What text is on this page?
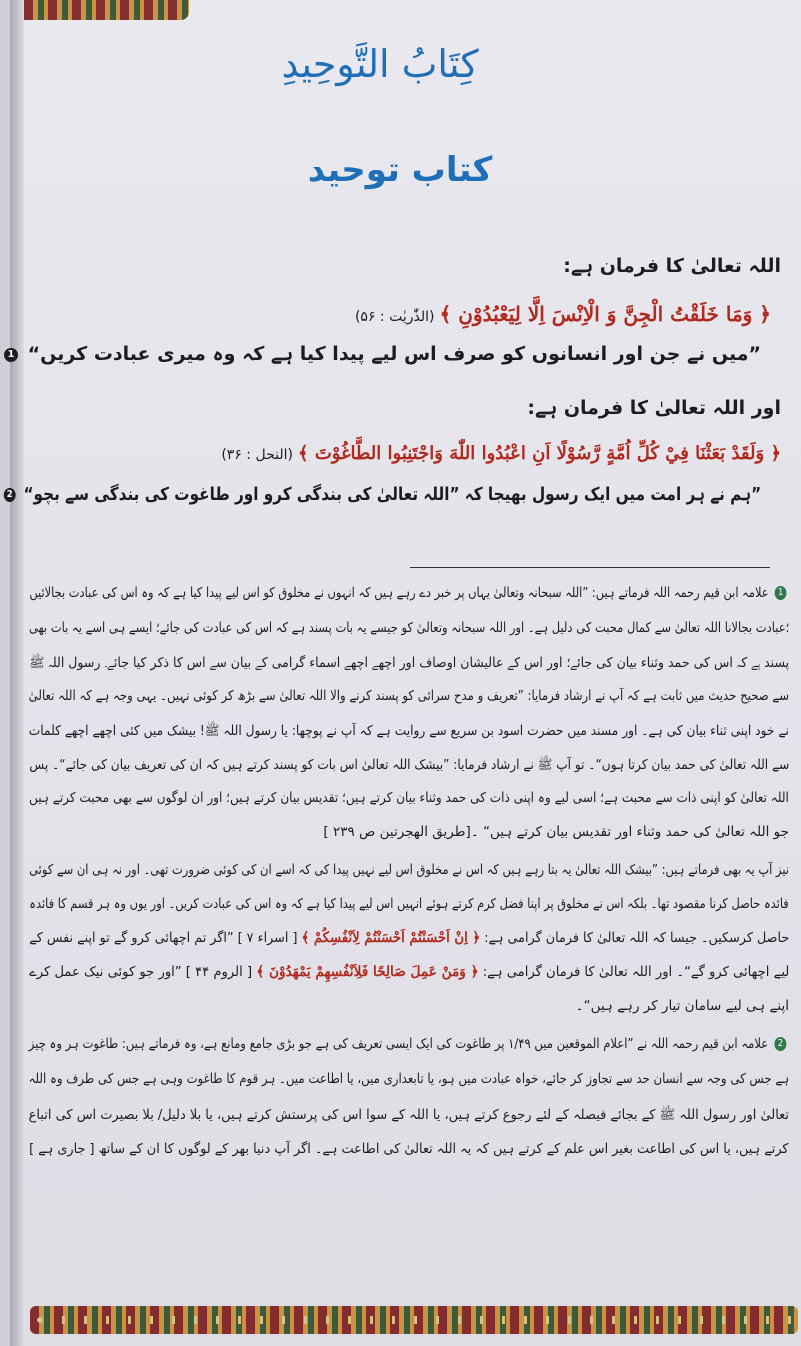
كِتَابُ التَّوحِيدِ
کتاب توحید
اللہ تعالیٰ کا فرمان ہے:
﴿ وَمَا خَلَقْتُ الْجِنَّ وَ الْاِنْسَ اِلَّا لِيَعْبُدُوْنِ ﴾ (الذّٰریٰت : ۵۶)
”میں نے جن اور انسانوں کو صرف اس لیے پیدا کیا ہے کہ وہ میری عبادت کریں“ 1
اور اللہ تعالیٰ کا فرمان ہے:
﴿ وَلَقَدْ بَعَثْنَا فِيْ كُلِّ اُمَّةٍ رَّسُوْلًا اَنِ اعْبُدُوا اللّٰهَ وَاجْتَنِبُوا الطَّاغُوْتَ ﴾ (النحل : ۳۶)
”ہم نے ہر امت میں ایک رسول بھیجا کہ ”اللہ تعالیٰ کی بندگی کرو اور طاغوت کی بندگی سے بچو“ 2
1 علامہ ابن قیم رحمہ اللہ فرماتے ہیں: ”اللہ سبحانہ وتعالیٰ یہاں پر خبر دے رہے ہیں کہ انہوں نے مخلوق کو اس لیے پیدا کیا ہے کہ وہ اس کی عبادت بجالائیں
؛عبادت بجالانا اللہ تعالیٰ سے کمال محبت کی دلیل ہے۔ اور اللہ سبحانہ وتعالیٰ کو جیسے یہ بات پسند ہے کہ اس کی عبادت کی جائے؛ ایسے ہی اسے یہ بات بھی
پسند ہے کہ اس کی حمد وثناء بیان کی جائے؛ اور اس کے عالیشان اوصاف اور اچھے اچھے اسماء گرامی کے بیان سے اس کا ذکر کیا جائے۔ رسول اللہ ﷺ
سے صحیح حدیث میں ثابت ہے کہ آپ نے ارشاد فرمایا: ”تعریف و مدح سرائی کو پسند کرنے والا اللہ تعالیٰ سے بڑھ کر کوئی نہیں۔ یہی وجہ ہے کہ اللہ تعالیٰ
نے خود اپنی ثناء بیان کی ہے۔ اور مسند میں حضرت اسود بن سریع سے روایت ہے کہ آپ نے پوچھا: یا رسول اللہ ﷺ! بیشک میں کئی اچھے اچھے کلمات
سے اللہ تعالیٰ کی حمد بیان کرتا ہوں“۔ تو آپ ﷺ نے ارشاد فرمایا: ”بیشک اللہ تعالیٰ اس بات کو پسند کرتے ہیں کہ ان کی تعریف بیان کی جائے“۔ پس
اللہ تعالیٰ کو اپنی ذات سے محبت ہے؛ اسی لیے وہ اپنی ذات کی حمد وثناء بیان کرتے ہیں؛ تقدیس بیان کرتے ہیں؛ اور ان لوگوں سے بھی محبت کرتے ہیں
جو اللہ تعالیٰ کی حمد وثناء اور تقدیس بیان کرتے ہیں“ ۔[طریق الهجرتین ص ۲۳۹ ]
نیز آپ یہ بھی فرماتے ہیں: ”بیشک اللہ تعالیٰ یہ بتا رہے ہیں کہ اس نے مخلوق اس لیے نہیں پیدا کی کہ اسے ان کی کوئی ضرورت تھی۔ اور نہ ہی ان سے کوئی
فائدہ حاصل کرنا مقصود تھا۔ بلکہ اس نے مخلوق پر اپنا فضل کرم کرتے ہوئے انہیں اس لیے پیدا کیا ہے کہ وہ اس کی عبادت کریں۔ اور یوں وہ ہر قسم کا فائدہ
حاصل کرسکیں۔ جیسا کہ اللہ تعالیٰ کا فرمان گرامی ہے: ﴿ اِنْ اَحْسَنْتُمْ اَحْسَنْتُمْ لِاَنْفُسِكُمْ ﴾ [ اسراء ۷ ] ”اگر تم اچھائی کرو گے تو اپنے نفس کے
لیے اچھائی کرو گے“۔ اور اللہ تعالیٰ کا فرمان گرامی ہے: ﴿ وَمَنْ عَمِلَ صَالِحًا فَلِاَنْفُسِهِمْ يَمْهَدُوْنَ ﴾ [ الروم ۴۴ ] ”اور جو کوئی نیک عمل کرے
اپنے ہی لیے سامان تیار کر رہے ہیں“۔
2 علامہ ابن قیم رحمہ اللہ نے ”اعلام الموقعین میں ۱/۴۹ پر طاغوت کی ایک ایسی تعریف کی ہے جو بڑی جامع ومانع ہے، وہ فرماتے ہیں: طاغوت ہر وہ چیز
ہے جس کی وجہ سے انسان حد سے تجاوز کر جائے، خواہ عبادت میں ہو، یا تابعداری میں، یا اطاعت میں۔ ہر قوم کا طاغوت وہی ہے جس کی طرف وہ اللہ
تعالیٰ اور رسول اللہ ﷺ کے بجائے فیصلہ کے لئے رجوع کرتے ہیں، یا اللہ کے سوا اس کی پرستش کرتے ہیں، یا بلا دلیل/ بلا بصیرت اس کی اتباع
کرتے ہیں، یا اس کی اطاعت بغیر اس علم کے کرتے ہیں کہ یہ اللہ تعالیٰ کی اطاعت ہے۔ اگر آپ دنیا بھر کے لوگوں کا ان کے ساتھ [ جاری ہے ]
